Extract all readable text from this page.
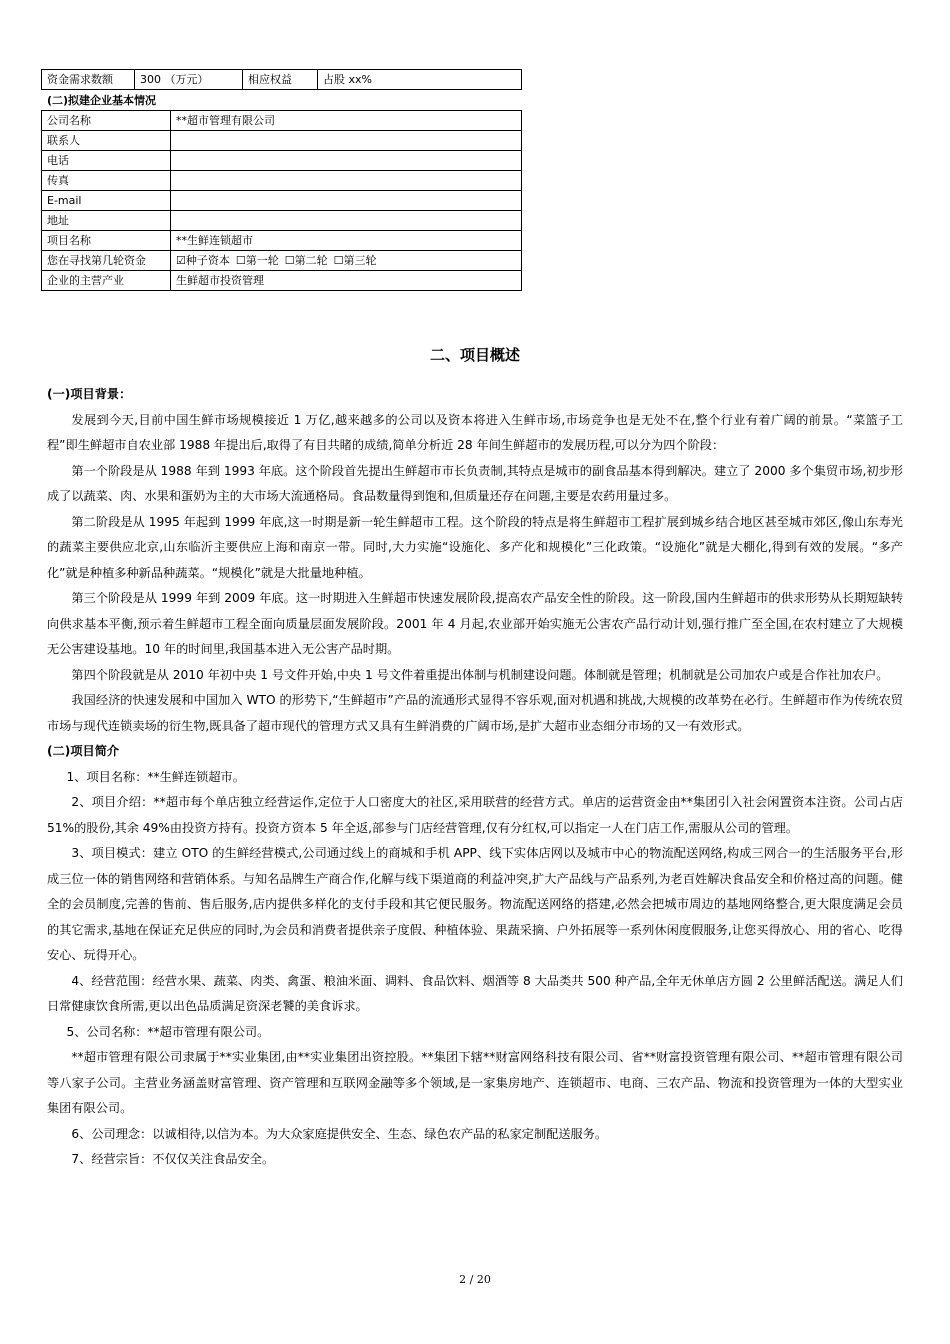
资金需求数额	300 （万元）	相应权益	占股 xx%
(二)拟建企业基本情况
公司名称	**超市管理有限公司
联系人	
电话	
传真	
E-mail	
地址	
项目名称	**生鲜连锁超市
您在寻找第几轮资金	☑种子资本 ☐第一轮 ☐第二轮 ☐第三轮
企业的主营产业	生鲜超市投资管理
二、项目概述

(一)项目背景：

发展到今天,目前中国生鲜市场规模接近 1 万亿,越来越多的公司以及资本将进入生鲜市场,市场竞争也是无处不在,整个行业有着广阔的前景。“菜篮子工程”即生鲜超市自农业部 1988 年提出后,取得了有目共睹的成绩,简单分析近 28 年间生鲜超市的发展历程,可以分为四个阶段：

第一个阶段是从 1988 年到 1993 年底。这个阶段首先提出生鲜超市市长负责制,其特点是城市的副食品基本得到解决。建立了 2000 多个集贸市场,初步形成了以蔬菜、肉、水果和蛋奶为主的大市场大流通格局。食品数量得到饱和,但质量还存在问题,主要是农药用量过多。

第二阶段是从 1995 年起到 1999 年底,这一时期是新一轮生鲜超市工程。这个阶段的特点是将生鲜超市工程扩展到城乡结合地区甚至城市郊区,像山东寿光的蔬菜主要供应北京,山东临沂主要供应上海和南京一带。同时,大力实施“设施化、多产化和规模化”三化政策。“设施化”就是大棚化,得到有效的发展。“多产化”就是种植多种新品种蔬菜。“规模化”就是大批量地种植。

第三个阶段是从 1999 年到 2009 年底。这一时期进入生鲜超市快速发展阶段,提高农产品安全性的阶段。这一阶段,国内生鲜超市的供求形势从长期短缺转向供求基本平衡,预示着生鲜超市工程全面向质量层面发展阶段。2001 年 4 月起,农业部开始实施无公害农产品行动计划,强行推广至全国,在农村建立了大规模无公害建设基地。10 年的时间里,我国基本进入无公害产品时期。

第四个阶段就是从 2010 年初中央 1 号文件开始,中央 1 号文件着重提出体制与机制建设问题。体制就是管理；机制就是公司加农户或是合作社加农户。

我国经济的快速发展和中国加入 WTO 的形势下,“生鲜超市”产品的流通形式显得不容乐观,面对机遇和挑战,大规模的改革势在必行。生鲜超市作为传统农贸市场与现代连锁卖场的衍生物,既具备了超市现代的管理方式又具有生鲜消费的广阔市场,是扩大超市业态细分市场的又一有效形式。

(二)项目简介

1、项目名称：**生鲜连锁超市。

2、项目介绍：**超市每个单店独立经营运作,定位于人口密度大的社区,采用联营的经营方式。单店的运营资金由**集团引入社会闲置资本注资。公司占店 51%的股份,其余 49%由投资方持有。投资方资本 5 年全返,部参与门店经营管理,仅有分红权,可以指定一人在门店工作,需服从公司的管理。

3、项目模式：建立 OTO 的生鲜经营模式,公司通过线上的商城和手机 APP、线下实体店网以及城市中心的物流配送网络,构成三网合一的生活服务平台,形成三位一体的销售网络和营销体系。与知名品牌生产商合作,化解与线下渠道商的利益冲突,扩大产品线与产品系列,为老百姓解决食品安全和价格过高的问题。健全的会员制度,完善的售前、售后服务,店内提供多样化的支付手段和其它便民服务。物流配送网络的搭建,必然会把城市周边的基地网络整合,更大限度满足会员的其它需求,基地在保证充足供应的同时,为会员和消费者提供亲子度假、种植体验、果蔬采摘、户外拓展等一系列休闲度假服务,让您买得放心、用的省心、吃得安心、玩得开心。

4、经营范围：经营水果、蔬菜、肉类、禽蛋、粮油米面、调料、食品饮料、烟酒等 8 大品类共 500 种产品,全年无休单店方圆 2 公里鲜活配送。满足人们日常健康饮食所需,更以出色品质满足资深老饕的美食诉求。

5、公司名称：**超市管理有限公司。

**超市管理有限公司隶属于**实业集团,由**实业集团出资控股。**集团下辖**财富网络科技有限公司、省**财富投资管理有限公司、**超市管理有限公司等八家子公司。主营业务涵盖财富管理、资产管理和互联网金融等多个领域,是一家集房地产、连锁超市、电商、三农产品、物流和投资管理为一体的大型实业集团有限公司。

6、公司理念：以诚相待,以信为本。为大众家庭提供安全、生态、绿色农产品的私家定制配送服务。

7、经营宗旨：不仅仅关注食品安全。

2 / 20
